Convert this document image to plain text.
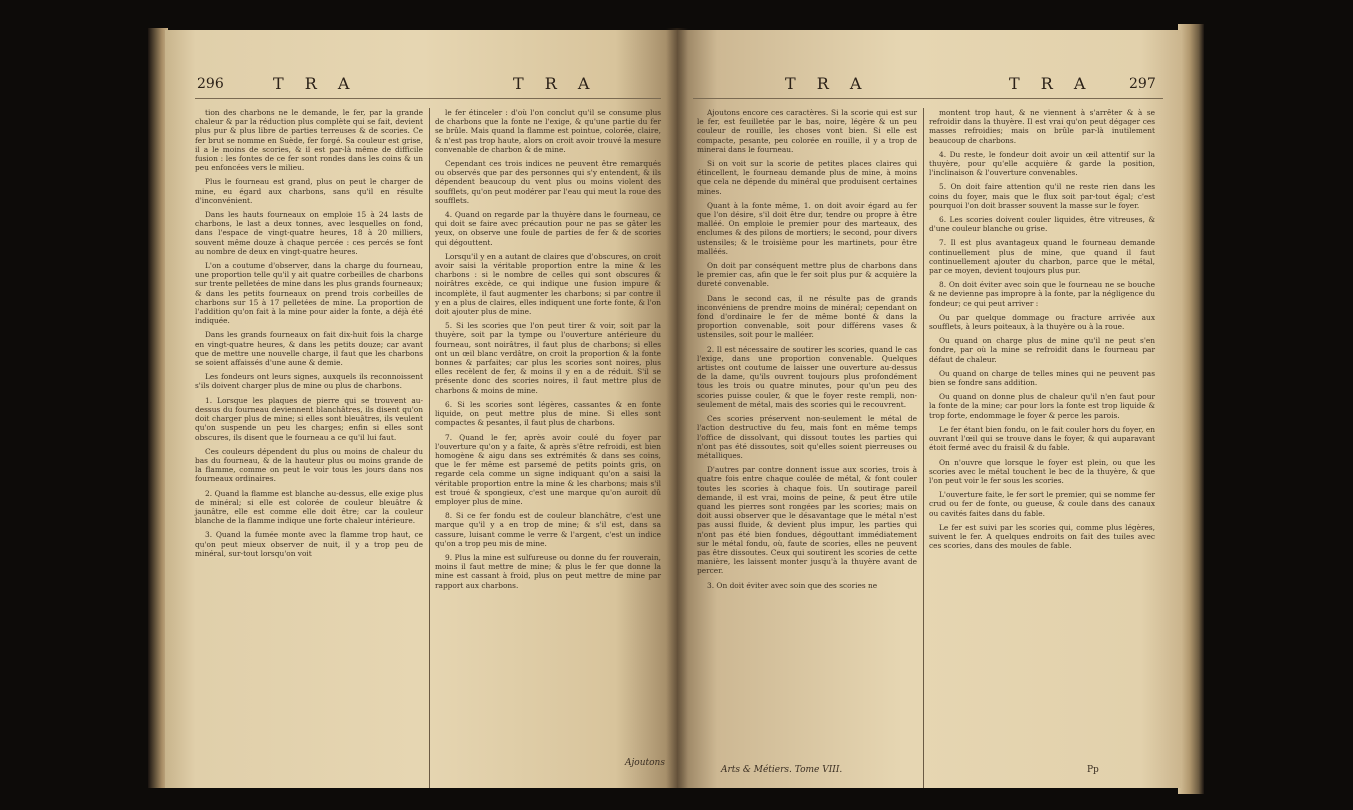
296	T R A	T R A

tion des charbons ne le demande, le fer, par la grande chaleur & par la réduction plus complète qui se fait, devient plus pur & plus libre de parties terreuses & de scories. Ce fer brut se nomme en Suède, fer forgé. Sa couleur est grise, il a le moins de scories, & il est par-là même de difficile fusion : les fontes de ce fer sont rondes dans les coins & un peu enfoncées vers le milieu.

Plus le fourneau est grand, plus on peut le charger de mine, eu égard aux charbons, sans qu'il en résulte d'inconvénient.

Dans les hauts fourneaux on emploie 15 à 24 lasts de charbons, le last a deux tonnes, avec lesquelles on fond, dans l'espace de vingt-quatre heures, 18 à 20 milliers, souvent même douze à chaque percée : ces percés se font au nombre de deux en vingt-quatre heures.

L'on a coutume d'observer, dans la charge du fourneau, une proportion telle qu'il y ait quatre corbeilles de charbons sur trente pelletées de mine dans les plus grands fourneaux; & dans les petits fourneaux on prend trois corbeilles de charbons sur 15 à 17 pelletées de mine. La proportion de l'addition qu'on fait à la mine pour aider la fonte, a déjà été indiquée.

Dans les grands fourneaux on fait dix-huit fois la charge en vingt-quatre heures, & dans les petits douze; car avant que de mettre une nouvelle charge, il faut que les charbons se soient affaissés d'une aune & demie.

Les fondeurs ont leurs signes, auxquels ils reconnoissent s'ils doivent charger plus de mine ou plus de charbons.

1. Lorsque les plaques de pierre qui se trouvent au-dessus du fourneau deviennent blanchâtres, ils disent qu'on doit charger plus de mine; si elles sont bleuâtres, ils veulent qu'on suspende un peu les charges; enfin si elles sont obscures, ils disent que le fourneau a ce qu'il lui faut.

Ces couleurs dépendent du plus ou moins de chaleur du bas du fourneau, & de la hauteur plus ou moins grande de la flamme, comme on peut le voir tous les jours dans nos fourneaux ordinaires.

2. Quand la flamme est blanche au-dessus, elle exige plus de minéral; si elle est colorée de couleur bleuâtre & jaunâtre, elle est comme elle doit être; car la couleur blanche de la flamme indique une forte chaleur intérieure.

3. Quand la fumée monte avec la flamme trop haut, ce qu'on peut mieux observer de nuit, il y a trop peu de minéral, sur-tout lorsqu'on voit

le fer étinceler : d'où l'on conclut qu'il se consume plus de charbons que la fonte ne l'exige, & qu'une partie du fer se brûle. Mais quand la flamme est pointue, colorée, claire, & n'est pas trop haute, alors on croit avoir trouvé la mesure convenable de charbon & de mine.

Cependant ces trois indices ne peuvent être remarqués ou observés que par des personnes qui s'y entendent, & ils dépendent beaucoup du vent plus ou moins violent des soufflets, qu'on peut modérer par l'eau qui meut la roue des soufflets.

4. Quand on regarde par la thuyère dans le fourneau, ce qui doit se faire avec précaution pour ne pas se gâter les yeux, on observe une foule de parties de fer & de scories qui dégouttent.

Lorsqu'il y en a autant de claires que d'obscures, on croit avoir saisi la véritable proportion entre la mine & les charbons : si le nombre de celles qui sont obscures & noirâtres excède, ce qui indique une fusion impure & incomplète, il faut augmenter les charbons; si par contre il y en a plus de claires, elles indiquent une forte fonte, & l'on doit ajouter plus de mine.

5. Si les scories que l'on peut tirer & voir, soit par la thuyère, soit par la tympe ou l'ouverture antérieure du fourneau, sont noirâtres, il faut plus de charbons; si elles ont un œil blanc verdâtre, on croit la proportion & la fonte bonnes & parfaites; car plus les scories sont noires, plus elles recèlent de fer, & moins il y en a de réduit. S'il se présente donc des scories noires, il faut mettre plus de charbons & moins de mine.

6. Si les scories sont légères, cassantes & en fonte liquide, on peut mettre plus de mine. Si elles sont compactes & pesantes, il faut plus de charbons.

7. Quand le fer, après avoir coulé du foyer par l'ouverture qu'on y a faite, & après s'être refroidi, est bien homogène & aigu dans ses extrémités & dans ses coins, que le fer même est parsemé de petits points gris, on regarde cela comme un signe indiquant qu'on a saisi la véritable proportion entre la mine & les charbons; mais s'il est troué & spongieux, c'est une marque qu'on auroit dû employer plus de mine.

8. Si ce fer fondu est de couleur blanchâtre, c'est une marque qu'il y a en trop de mine; & s'il est, dans sa cassure, luisant comme le verre & l'argent, c'est un indice qu'on a trop peu mis de mine.

9. Plus la mine est sulfureuse ou donne du fer rouverain, moins il faut mettre de mine; & plus le fer que donne la mine est cassant à froid, plus on peut mettre de mine par rapport aux charbons.

Ajoutons
T R A	T R A	297

Ajoutons encore ces caractères. Si la scorie qui est sur le fer, est feuilletée par le bas, noire, légère & un peu couleur de rouille, les choses vont bien. Si elle est compacte, pesante, peu colorée en rouille, il y a trop de minerai dans le fourneau.

Si on voit sur la scorie de petites places claires qui étincellent, le fourneau demande plus de mine, à moins que cela ne dépende du minéral que produisent certaines mines.

Quant à la fonte même, 1. on doit avoir égard au fer que l'on désire, s'il doit être dur, tendre ou propre à être malléé. On emploie le premier pour des marteaux, des enclumes & des pilons de mortiers; le second, pour divers ustensiles; & le troisième pour les martinets, pour être malléés.

On doit par conséquent mettre plus de charbons dans le premier cas, afin que le fer soit plus pur & acquière la dureté convenable.

Dans le second cas, il ne résulte pas de grands inconvéniens de prendre moins de minéral; cependant on fond d'ordinaire le fer de même bonté & dans la proportion convenable, soit pour différens vases & ustensiles, soit pour le malléer.

2. Il est nécessaire de soutirer les scories, quand le cas l'exige, dans une proportion convenable. Quelques artistes ont coutume de laisser une ouverture au-dessus de la dame, qu'ils ouvrent toujours plus profondément tous les trois ou quatre minutes, pour qu'un peu des scories puisse couler, & que le foyer reste rempli, non-seulement de métal, mais des scories qui le recouvrent.

Ces scories préservent non-seulement le métal de l'action destructive du feu, mais font en même temps l'office de dissolvant, qui dissout toutes les parties qui n'ont pas été dissoutes, soit qu'elles soient pierreuses ou métalliques.

D'autres par contre donnent issue aux scories, trois à quatre fois entre chaque coulée de métal, & font couler toutes les scories à chaque fois. Un soutirage pareil demande, il est vrai, moins de peine, & peut être utile quand les pierres sont rongées par les scories; mais on doit aussi observer que le désavantage que le métal n'est pas aussi fluide, & devient plus impur, les parties qui n'ont pas été bien fondues, dégouttant immédiatement sur le métal fondu, où, faute de scories, elles ne peuvent pas être dissoutes. Ceux qui soutirent les scories de cette manière, les laissent monter jusqu'à la thuyère avant de percer.

3. On doit éviter avec soin que des scories ne

montent trop haut, & ne viennent à s'arrêter & à se refroidir dans la thuyère. Il est vrai qu'on peut dégager ces masses refroidies; mais on brûle par-là inutilement beaucoup de charbons.

4. Du reste, le fondeur doit avoir un œil attentif sur la thuyère, pour qu'elle acquière & garde la position, l'inclinaison & l'ouverture convenables.

5. On doit faire attention qu'il ne reste rien dans les coins du foyer, mais que le flux soit par-tout égal; c'est pourquoi l'on doit brasser souvent la masse sur le foyer.

6. Les scories doivent couler liquides, être vitreuses, & d'une couleur blanche ou grise.

7. Il est plus avantageux quand le fourneau demande continuellement plus de mine, que quand il faut continuellement ajouter du charbon, parce que le métal, par ce moyen, devient toujours plus pur.

8. On doit éviter avec soin que le fourneau ne se bouche & ne devienne pas impropre à la fonte, par la négligence du fondeur; ce qui peut arriver :

Ou par quelque dommage ou fracture arrivée aux soufflets, à leurs poiteaux, à la thuyère ou à la roue.

Ou quand on charge plus de mine qu'il ne peut s'en fondre, par où la mine se refroidit dans le fourneau par défaut de chaleur.

Ou quand on charge de telles mines qui ne peuvent pas bien se fondre sans addition.

Ou quand on donne plus de chaleur qu'il n'en faut pour la fonte de la mine; car pour lors la fonte est trop liquide & trop forte, endommage le foyer & perce les parois.

Le fer étant bien fondu, on le fait couler hors du foyer, en ouvrant l'œil qui se trouve dans le foyer, & qui auparavant étoit fermé avec du fraisil & du fable.

On n'ouvre que lorsque le foyer est plein, ou que les scories avec le métal touchent le bec de la thuyère, & que l'on peut voir le fer sous les scories.

L'ouverture faite, le fer sort le premier, qui se nomme fer crud ou fer de fonte, ou gueuse, & coule dans des canaux ou cavités faites dans du fable.

Le fer est suivi par les scories qui, comme plus légères, suivent le fer. A quelques endroits on fait des tuiles avec ces scories, dans des moules de fable.

Arts & Métiers. Tome VIII.	Pp
